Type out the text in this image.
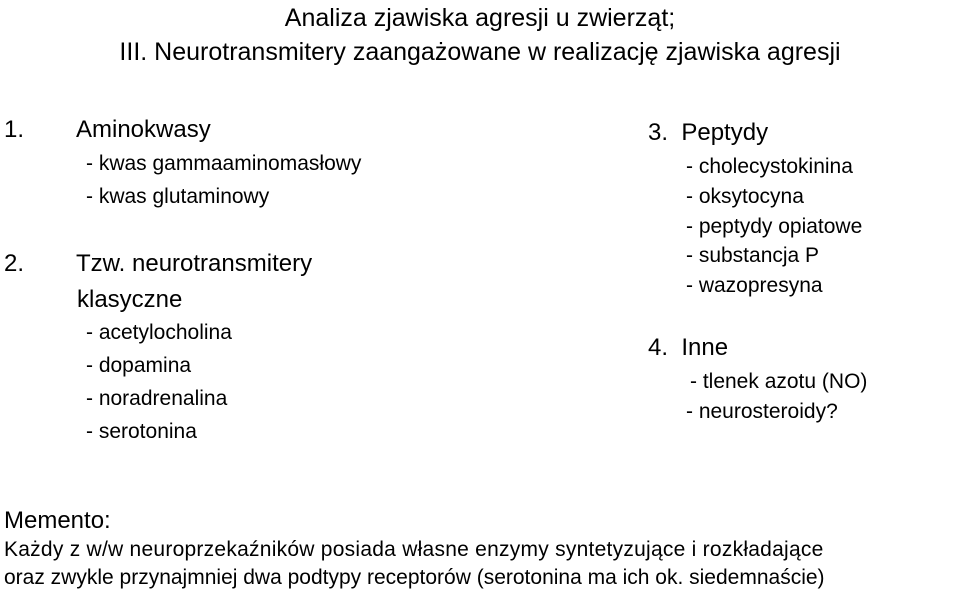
Analiza zjawiska agresji u zwierząt;
III. Neurotransmitery zaangażowane w realizację zjawiska agresji
1. Aminokwasy
- kwas gammaaminomasłowy
- kwas glutaminowy
2. Tzw. neurotransmitery
klasyczne
- acetylocholina
- dopamina
- noradrenalina
- serotonina
3.  Peptydy
- cholecystokinina
- oksytocyna
- peptydy opiatowe
- substancja P
- wazopresyna
4.  Inne
- tlenek azotu (NO)
- neurosteroidy?
Memento:
Każdy z w/w neuroprzekaźników posiada własne enzymy syntetyzujące i rozkładające
oraz zwykle przynajmniej dwa podtypy receptorów (serotonina ma ich ok. siedemnaście)
